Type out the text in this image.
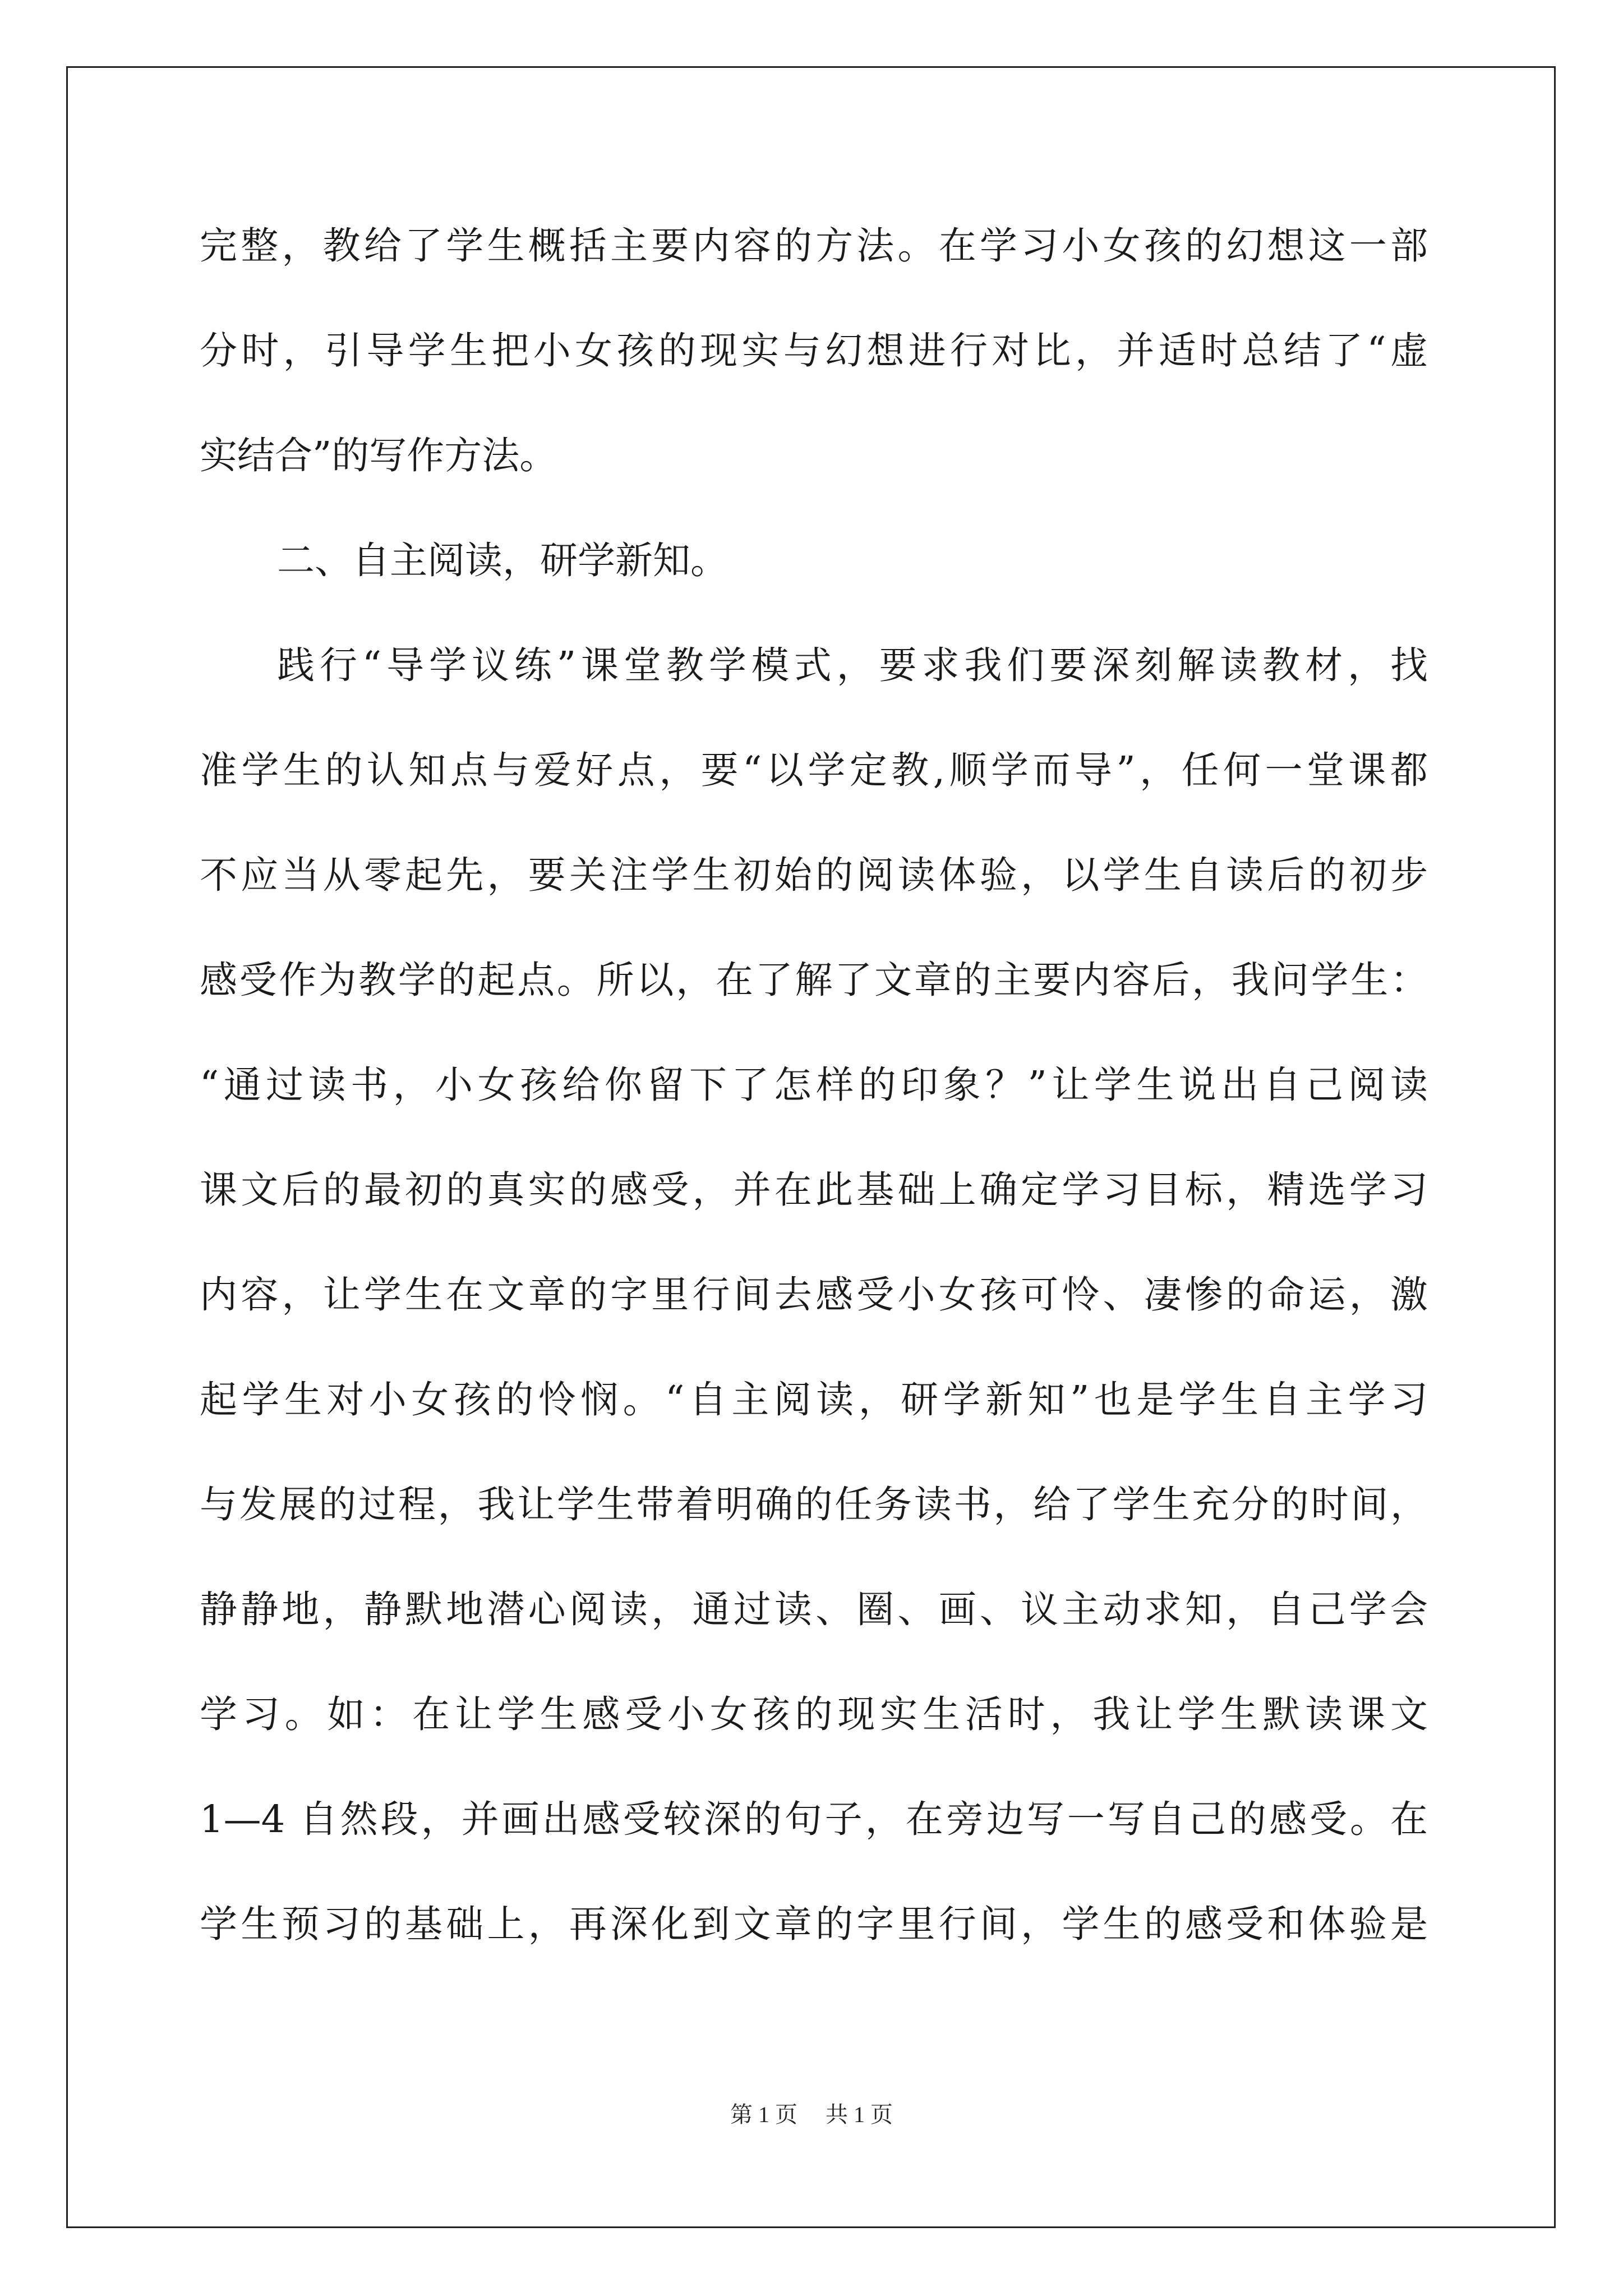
完整，教给了学生概括主要内容的方法。在学习小女孩的幻想这一部
分时，引导学生把小女孩的现实与幻想进行对比，并适时总结了“虚
实结合”的写作方法。
二、自主阅读，研学新知。
践行“导学议练”课堂教学模式，要求我们要深刻解读教材，找
准学生的认知点与爱好点，要“以学定教,顺学而导”，任何一堂课都
不应当从零起先，要关注学生初始的阅读体验，以学生自读后的初步
感受作为教学的起点。所以，在了解了文章的主要内容后，我问学生：
“通过读书，小女孩给你留下了怎样的印象？”让学生说出自己阅读
课文后的最初的真实的感受，并在此基础上确定学习目标，精选学习
内容，让学生在文章的字里行间去感受小女孩可怜、凄惨的命运，激
起学生对小女孩的怜悯。“自主阅读，研学新知”也是学生自主学习
与发展的过程，我让学生带着明确的任务读书，给了学生充分的时间，
静静地，静默地潜心阅读，通过读、圈、画、议主动求知，自己学会
学习。如：在让学生感受小女孩的现实生活时，我让学生默读课文
1—4 自然段，并画出感受较深的句子，在旁边写一写自己的感受。在
学生预习的基础上，再深化到文章的字里行间，学生的感受和体验是
第 1 页 共 1 页
